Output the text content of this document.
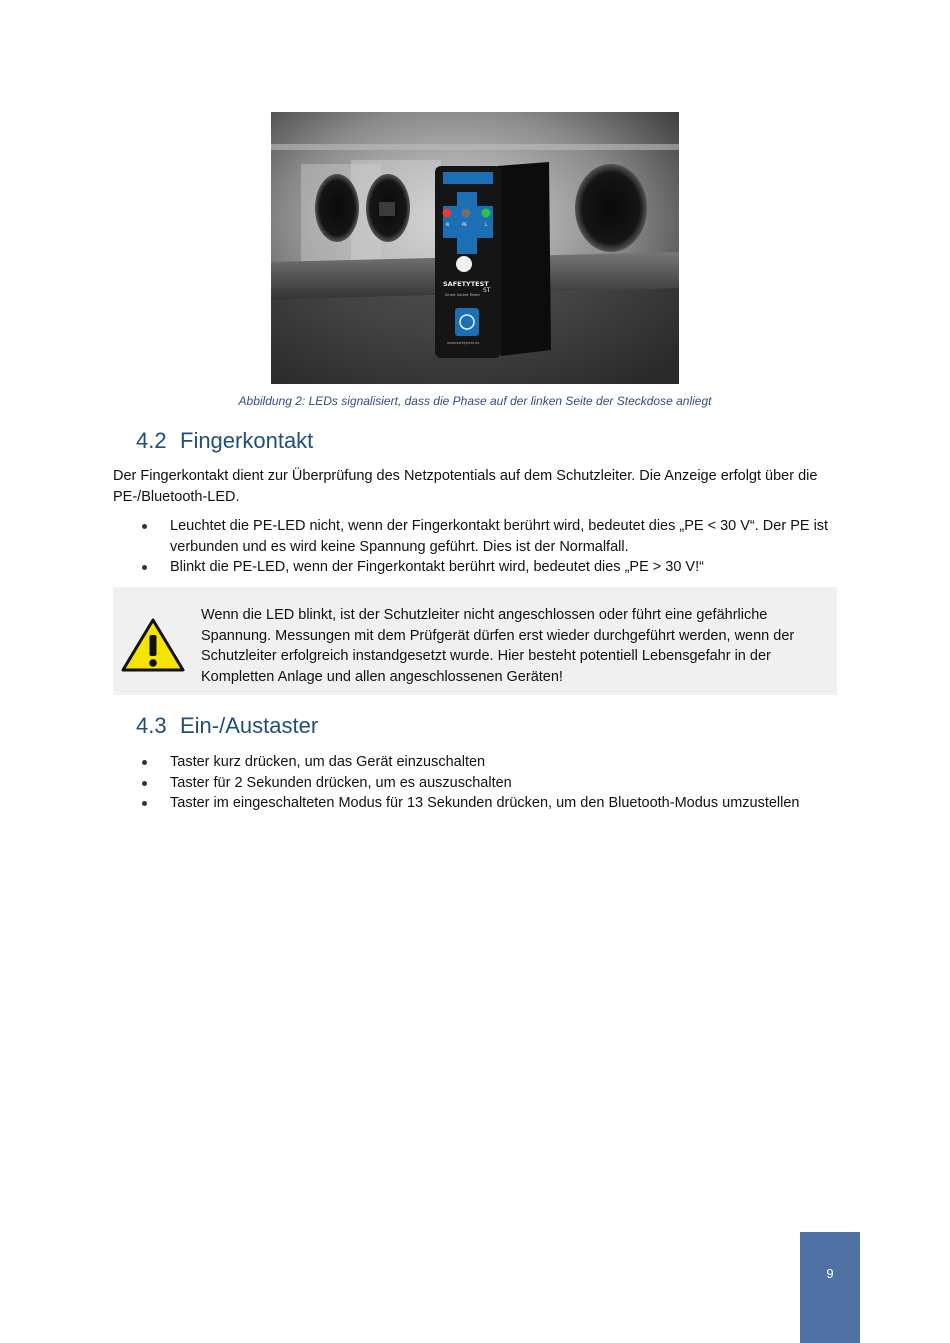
SAFETYTEST
ST
Smart Socket Tester
www.safetytest.de
N	PE	L
Abbildung 2: LEDs signalisiert, dass die Phase auf der linken Seite der Steckdose anliegt
4.2 Fingerkontakt

Der Fingerkontakt dient zur Überprüfung des Netzpotentials auf dem Schutzleiter. Die Anzeige erfolgt über die PE-/Bluetooth-LED.

Leuchtet die PE-LED nicht, wenn der Fingerkontakt berührt wird, bedeutet dies „PE < 30 V“. Der PE ist verbunden und es wird keine Spannung geführt. Dies ist der Normalfall.
Blinkt die PE-LED, wenn der Fingerkontakt berührt wird, bedeutet dies „PE > 30 V!“

Wenn die LED blinkt, ist der Schutzleiter nicht angeschlossen oder führt eine gefährliche Spannung. Messungen mit dem Prüfgerät dürfen erst wieder durchgeführt werden, wenn der Schutzleiter erfolgreich instandgesetzt wurde. Hier besteht potentiell Lebensgefahr in der Kompletten Anlage und allen angeschlossenen Geräten!

4.3 Ein-/Austaster
Taster kurz drücken, um das Gerät einzuschalten
Taster für 2 Sekunden drücken, um es auszuschalten
Taster im eingeschalteten Modus für 13 Sekunden drücken, um den Bluetooth-Modus umzustellen
9
